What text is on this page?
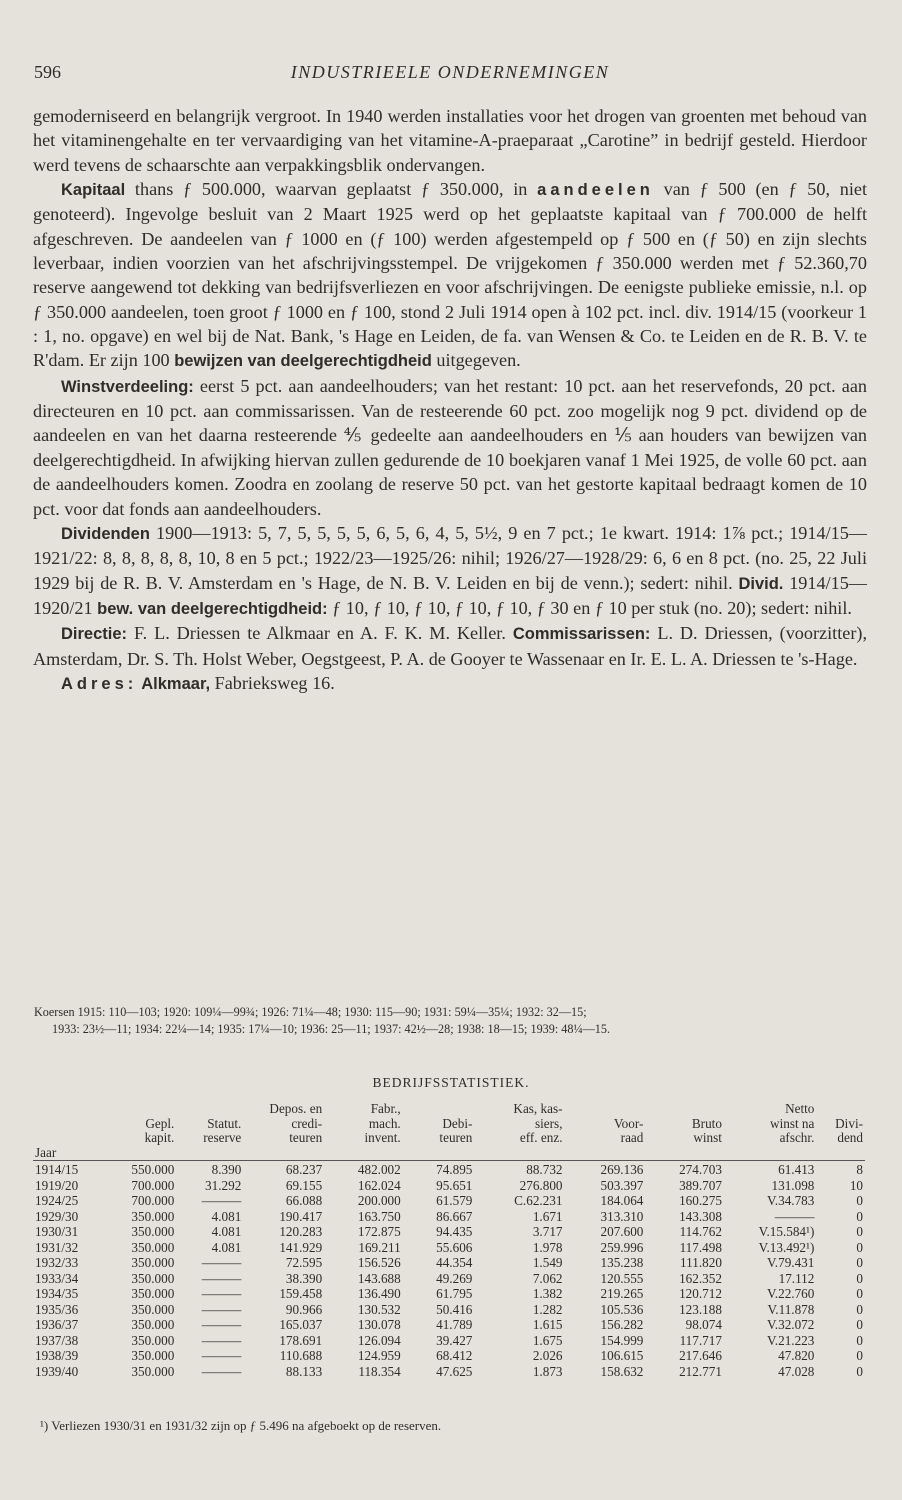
596	INDUSTRIEELE ONDERNEMINGEN

gemoderniseerd en belangrijk vergroot. In 1940 werden installaties voor het drogen van groenten met behoud van het vitaminengehalte en ter vervaardiging van het vitamine-A-praeparaat „Carotine” in bedrijf gesteld. Hierdoor werd tevens de schaarschte aan verpakkingsblik ondervangen.

Kapitaal thans ƒ 500.000, waarvan geplaatst ƒ 350.000, in aandeelen van ƒ 500 (en ƒ 50, niet genoteerd). Ingevolge besluit van 2 Maart 1925 werd op het geplaatste kapitaal van ƒ 700.000 de helft afgeschreven. De aandeelen van ƒ 1000 en (ƒ 100) werden afgestempeld op ƒ 500 en (ƒ 50) en zijn slechts leverbaar, indien voorzien van het afschrijvingsstempel. De vrijgekomen ƒ 350.000 werden met ƒ 52.360,70 reserve aangewend tot dekking van bedrijfsverliezen en voor afschrijvingen. De eenigste publieke emissie, n.l. op ƒ 350.000 aandeelen, toen groot ƒ 1000 en ƒ 100, stond 2 Juli 1914 open à 102 pct. incl. div. 1914/15 (voorkeur 1 : 1, no. opgave) en wel bij de Nat. Bank, 's Hage en Leiden, de fa. van Wensen & Co. te Leiden en de R. B. V. te R'dam. Er zijn 100 bewijzen van deelgerechtigdheid uitgegeven.

Winstverdeeling: eerst 5 pct. aan aandeelhouders; van het restant: 10 pct. aan het reservefonds, 20 pct. aan directeuren en 10 pct. aan commissarissen. Van de resteerende 60 pct. zoo mogelijk nog 9 pct. dividend op de aandeelen en van het daarna resteerende ⅘ gedeelte aan aandeelhouders en ⅕ aan houders van bewijzen van deelgerechtigdheid. In afwijking hiervan zullen gedurende de 10 boekjaren vanaf 1 Mei 1925, de volle 60 pct. aan de aandeelhouders komen. Zoodra en zoolang de reserve 50 pct. van het gestorte kapitaal bedraagt komen de 10 pct. voor dat fonds aan aandeelhouders.

Dividenden 1900—1913: 5, 7, 5, 5, 5, 5, 6, 5, 6, 4, 5, 5½, 9 en 7 pct.; 1e kwart. 1914: 1⅞ pct.; 1914/15—1921/22: 8, 8, 8, 8, 8, 10, 8 en 5 pct.; 1922/23—1925/26: nihil; 1926/27—1928/29: 6, 6 en 8 pct. (no. 25, 22 Juli 1929 bij de R. B. V. Amsterdam en 's Hage, de N. B. V. Leiden en bij de venn.); sedert: nihil. Divid. 1914/15—1920/21 bew. van deelgerechtigdheid: ƒ 10, ƒ 10, ƒ 10, ƒ 10, ƒ 10, ƒ 30 en ƒ 10 per stuk (no. 20); sedert: nihil.

Directie: F. L. Driessen te Alkmaar en A. F. K. M. Keller. Commissarissen: L. D. Driessen, (voorzitter), Amsterdam, Dr. S. Th. Holst Weber, Oegstgeest, P. A. de Gooyer te Wassenaar en Ir. E. L. A. Driessen te 's-Hage.

Adres: Alkmaar, Fabrieksweg 16.

Koersen 1915: 110—103; 1920: 109¼—99¾; 1926: 71¼—48; 1930: 115—90; 1931: 59¼—35¼; 1932: 32—15;
1933: 23½—11; 1934: 22¼—14; 1935: 17¼—10; 1936: 25—11; 1937: 42½—28; 1938: 18—15; 1939: 48¼—15.
BEDRIJFSSTATISTIEK.
			Depos. en	Fabr.,		Kas, kas-			Netto	
	Gepl.	Statut.	credi-	mach.	Debi-	siers,	Voor-	Bruto	winst na	Divi-
	kapit.	reserve	teuren	invent.	teuren	eff. enz.	raad	winst	afschr.	dend
Jaar										
1914/15	550.000	8.390	68.237	482.002	74.895	88.732	269.136	274.703	61.413	8
1919/20	700.000	31.292	69.155	162.024	95.651	276.800	503.397	389.707	131.098	10
1924/25	700.000	———	66.088	200.000	61.579	C.62.231	184.064	160.275	V.34.783	0
1929/30	350.000	4.081	190.417	163.750	86.667	1.671	313.310	143.308	———	0
1930/31	350.000	4.081	120.283	172.875	94.435	3.717	207.600	114.762	V.15.584¹)	0
1931/32	350.000	4.081	141.929	169.211	55.606	1.978	259.996	117.498	V.13.492¹)	0
1932/33	350.000	———	72.595	156.526	44.354	1.549	135.238	111.820	V.79.431	0
1933/34	350.000	———	38.390	143.688	49.269	7.062	120.555	162.352	17.112	0
1934/35	350.000	———	159.458	136.490	61.795	1.382	219.265	120.712	V.22.760	0
1935/36	350.000	———	90.966	130.532	50.416	1.282	105.536	123.188	V.11.878	0
1936/37	350.000	———	165.037	130.078	41.789	1.615	156.282	98.074	V.32.072	0
1937/38	350.000	———	178.691	126.094	39.427	1.675	154.999	117.717	V.21.223	0
1938/39	350.000	———	110.688	124.959	68.412	2.026	106.615	217.646	47.820	0
1939/40	350.000	———	88.133	118.354	47.625	1.873	158.632	212.771	47.028	0
¹) Verliezen 1930/31 en 1931/32 zijn op ƒ 5.496 na afgeboekt op de reserven.
